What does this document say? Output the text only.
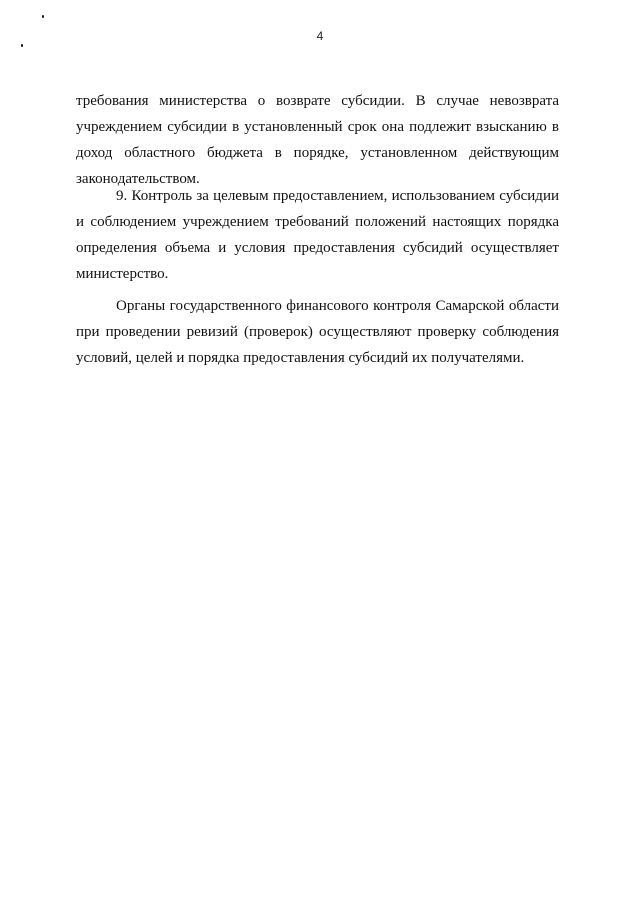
4
требования министерства о возврате субсидии. В случае невозврата
учреждением субсидии в установленный срок она подлежит взысканию в
доход областного бюджета в порядке, установленном действующим
законодательством.
9. Контроль за целевым предоставлением, использованием субсидии
и соблюдением учреждением требований положений настоящих порядка
определения объема и условия предоставления субсидий осуществляет
министерство.
Органы государственного финансового контроля Самарской области
при проведении ревизий (проверок) осуществляют проверку соблюдения
условий, целей и порядка предоставления субсидий их получателями.
